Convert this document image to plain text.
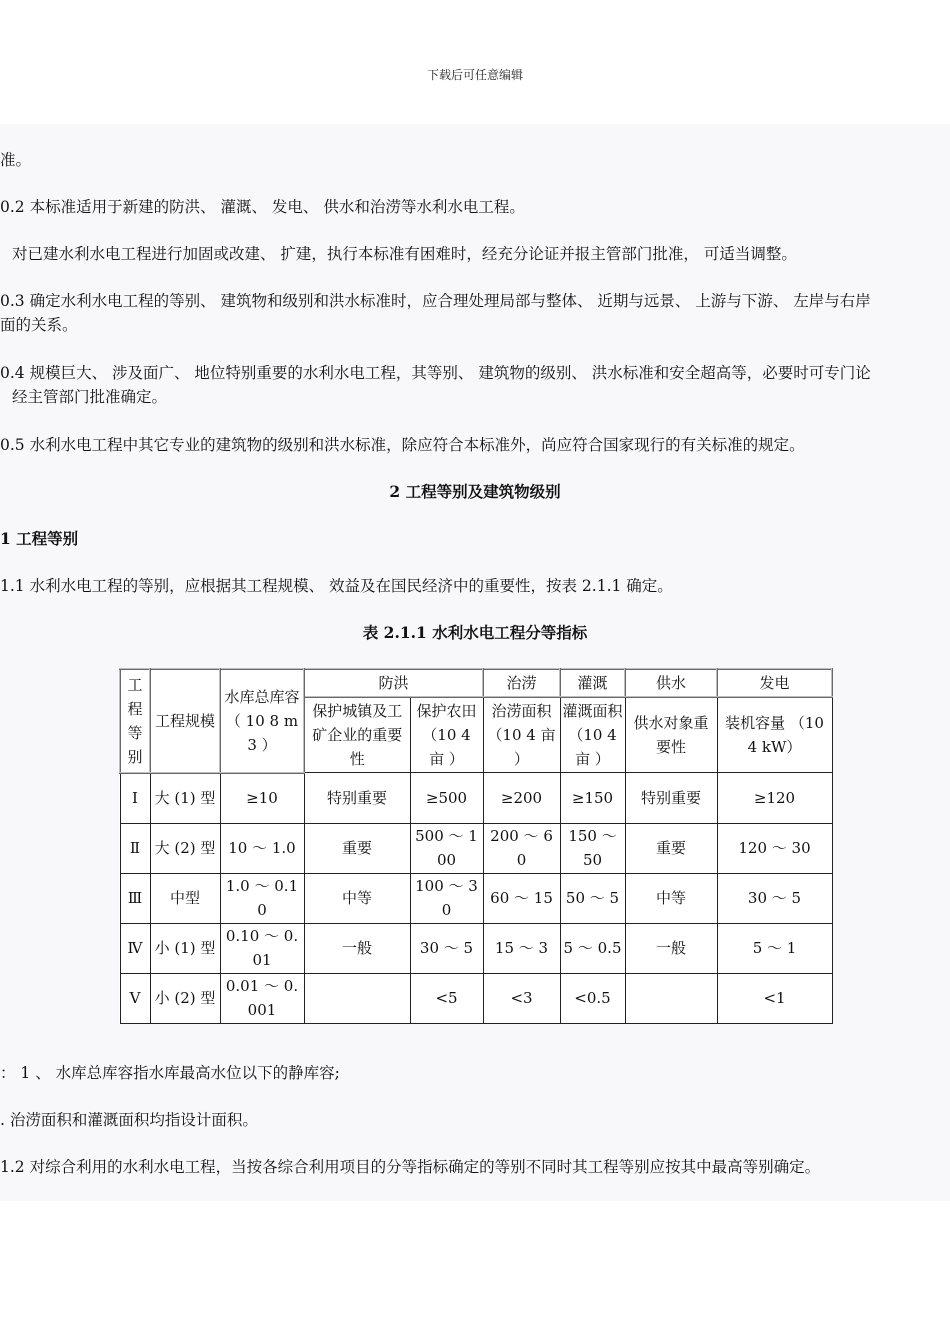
下载后可任意编辑
准。
0.2 本标准适用于新建的防洪、 灌溉、 发电、 供水和治涝等水利水电工程。
对已建水利水电工程进行加固或改建、 扩建，执行本标准有困难时，经充分论证并报主管部门批准， 可适当调整。
0.3 确定水利水电工程的等别、 建筑物和级别和洪水标准时，应合理处理局部与整体、 近期与远景、 上游与下游、 左岸与右岸
面的关系。
0.4 规模巨大、 涉及面广、 地位特别重要的水利水电工程，其等别、 建筑物的级别、 洪水标准和安全超高等，必要时可专门论
经主管部门批准确定。
0.5 水利水电工程中其它专业的建筑物的级别和洪水标准，除应符合本标准外，尚应符合国家现行的有关标准的规定。
2 工程等别及建筑物级别
1 工程等别
1.1 水利水电工程的等别，应根据其工程规模、 效益及在国民经济中的重要性，按表 2.1.1 确定。
表 2.1.1 水利水电工程分等指标
工程等别	工程规模	水库总库容（ 10 8 m 3 ）	防洪		治涝	灌溉	供水	发电
			保护城镇及工矿企业的重要性	保护农田（10 4 亩 ）	治涝面积（10 4 亩 ）	灌溉面积 （10 4 亩 ）	供水对象重要性	装机容量 （10 4 kW）
Ⅰ	大 (1) 型	≥10	特别重要	≥500	≥200	≥150	特别重要	≥120
Ⅱ	大 (2) 型	10 ～ 1.0	重要	500 ～ 100	200 ～ 60	150 ～ 50	重要	120 ～ 30
Ⅲ	中型	1.0 ～ 0.10	中等	100 ～ 30	60 ～ 15	50 ～ 5	中等	30 ～ 5
Ⅳ	小 (1) 型	0.10 ～ 0.01	一般	30 ～ 5	15 ～ 3	5 ～ 0.5	一般	5 ～ 1
Ⅴ	小 (2) 型	0.01 ～ 0.001		<5	<3	<0.5		<1
： 1 、 水库总库容指水库最高水位以下的静库容;
. 治涝面积和灌溉面积均指设计面积。
1.2 对综合利用的水利水电工程，当按各综合利用项目的分等指标确定的等别不同时其工程等别应按其中最高等别确定。
